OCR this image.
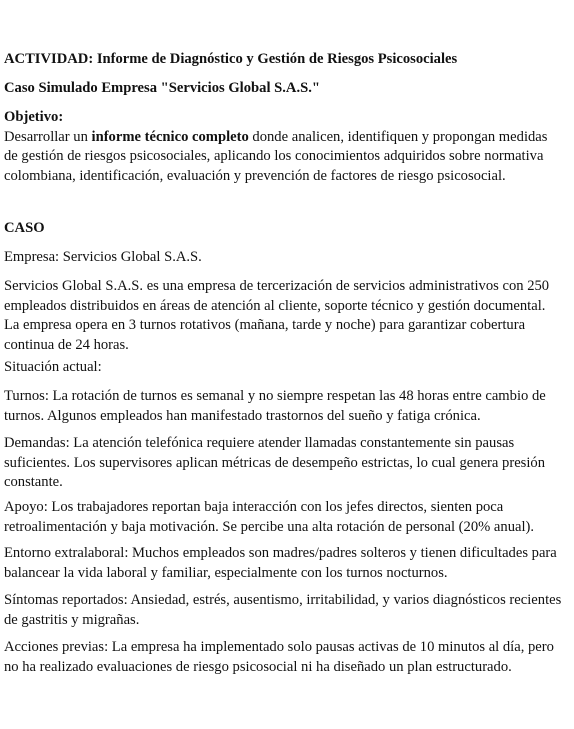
ACTIVIDAD: Informe de Diagnóstico y Gestión de Riesgos Psicosociales

Caso Simulado Empresa "Servicios Global S.A.S."

Objetivo:

Desarrollar un informe técnico completo donde analicen, identifiquen y propongan medidas de gestión de riesgos psicosociales, aplicando los conocimientos adquiridos sobre normativa colombiana, identificación, evaluación y prevención de factores de riesgo psicosocial.

CASO

Empresa: Servicios Global S.A.S.

Servicios Global S.A.S. es una empresa de tercerización de servicios administrativos con 250 empleados distribuidos en áreas de atención al cliente, soporte técnico y gestión documental. La empresa opera en 3 turnos rotativos (mañana, tarde y noche) para garantizar cobertura continua de 24 horas.

Situación actual:

Turnos: La rotación de turnos es semanal y no siempre respetan las 48 horas entre cambio de turnos. Algunos empleados han manifestado trastornos del sueño y fatiga crónica.

Demandas: La atención telefónica requiere atender llamadas constantemente sin pausas suficientes. Los supervisores aplican métricas de desempeño estrictas, lo cual genera presión constante.

Apoyo: Los trabajadores reportan baja interacción con los jefes directos, sienten poca retroalimentación y baja motivación. Se percibe una alta rotación de personal (20% anual).

Entorno extralaboral: Muchos empleados son madres/padres solteros y tienen dificultades para balancear la vida laboral y familiar, especialmente con los turnos nocturnos.

Síntomas reportados: Ansiedad, estrés, ausentismo, irritabilidad, y varios diagnósticos recientes de gastritis y migrañas.

Acciones previas: La empresa ha implementado solo pausas activas de 10 minutos al día, pero no ha realizado evaluaciones de riesgo psicosocial ni ha diseñado un plan estructurado.
